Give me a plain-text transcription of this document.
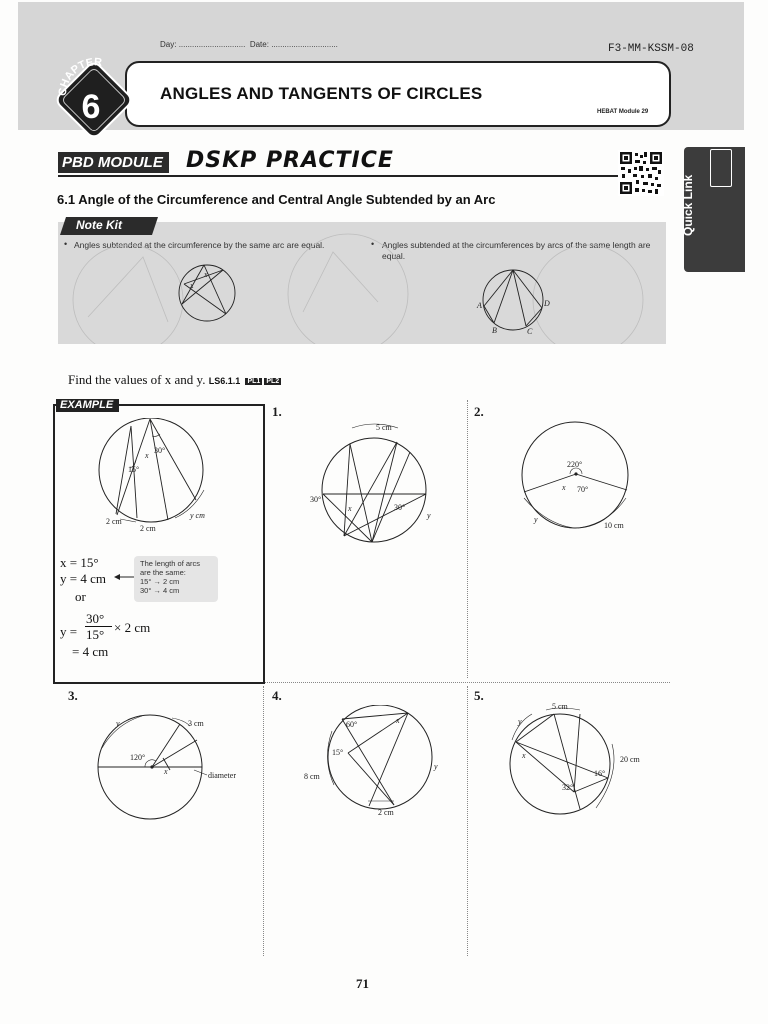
Day: .............................. Date: ..............................	F3-MM-KSSM-08
ANGLES AND TANGENTS OF CIRCLES
HEBAT Module 29
CHAPTER
6
Quick Link
PBD MODULE DSKP PRACTICE
6.1 Angle of the Circumference and Central Angle Subtended by an Arc
Note Kit
• Angles subtended at the circumference by the same arc are equal.	• Angles subtended at the circumferences by arcs of the same length are equal.
x
x
A
B	C
D
Find the values of x and y. LS6.1.1 PL1 PL2
EXAMPLE
30°
x
15°
2 cm
2 cm
y cm
x = 15°
y = 4 cm
or
y =
30°
15° × 2 cm
= 4 cm
The length of arcs
are the same:
15° → 2 cm
30° → 4 cm
1.
5 cm
30°
x	30°
y
2.
220°
x 70°
y
10 cm
3.
y	3 cm
120°
x	diameter
4.
60°	x
15°
8 cm
y
2 cm
5.
5 cm
y
x	20 cm
16°
32°
71
